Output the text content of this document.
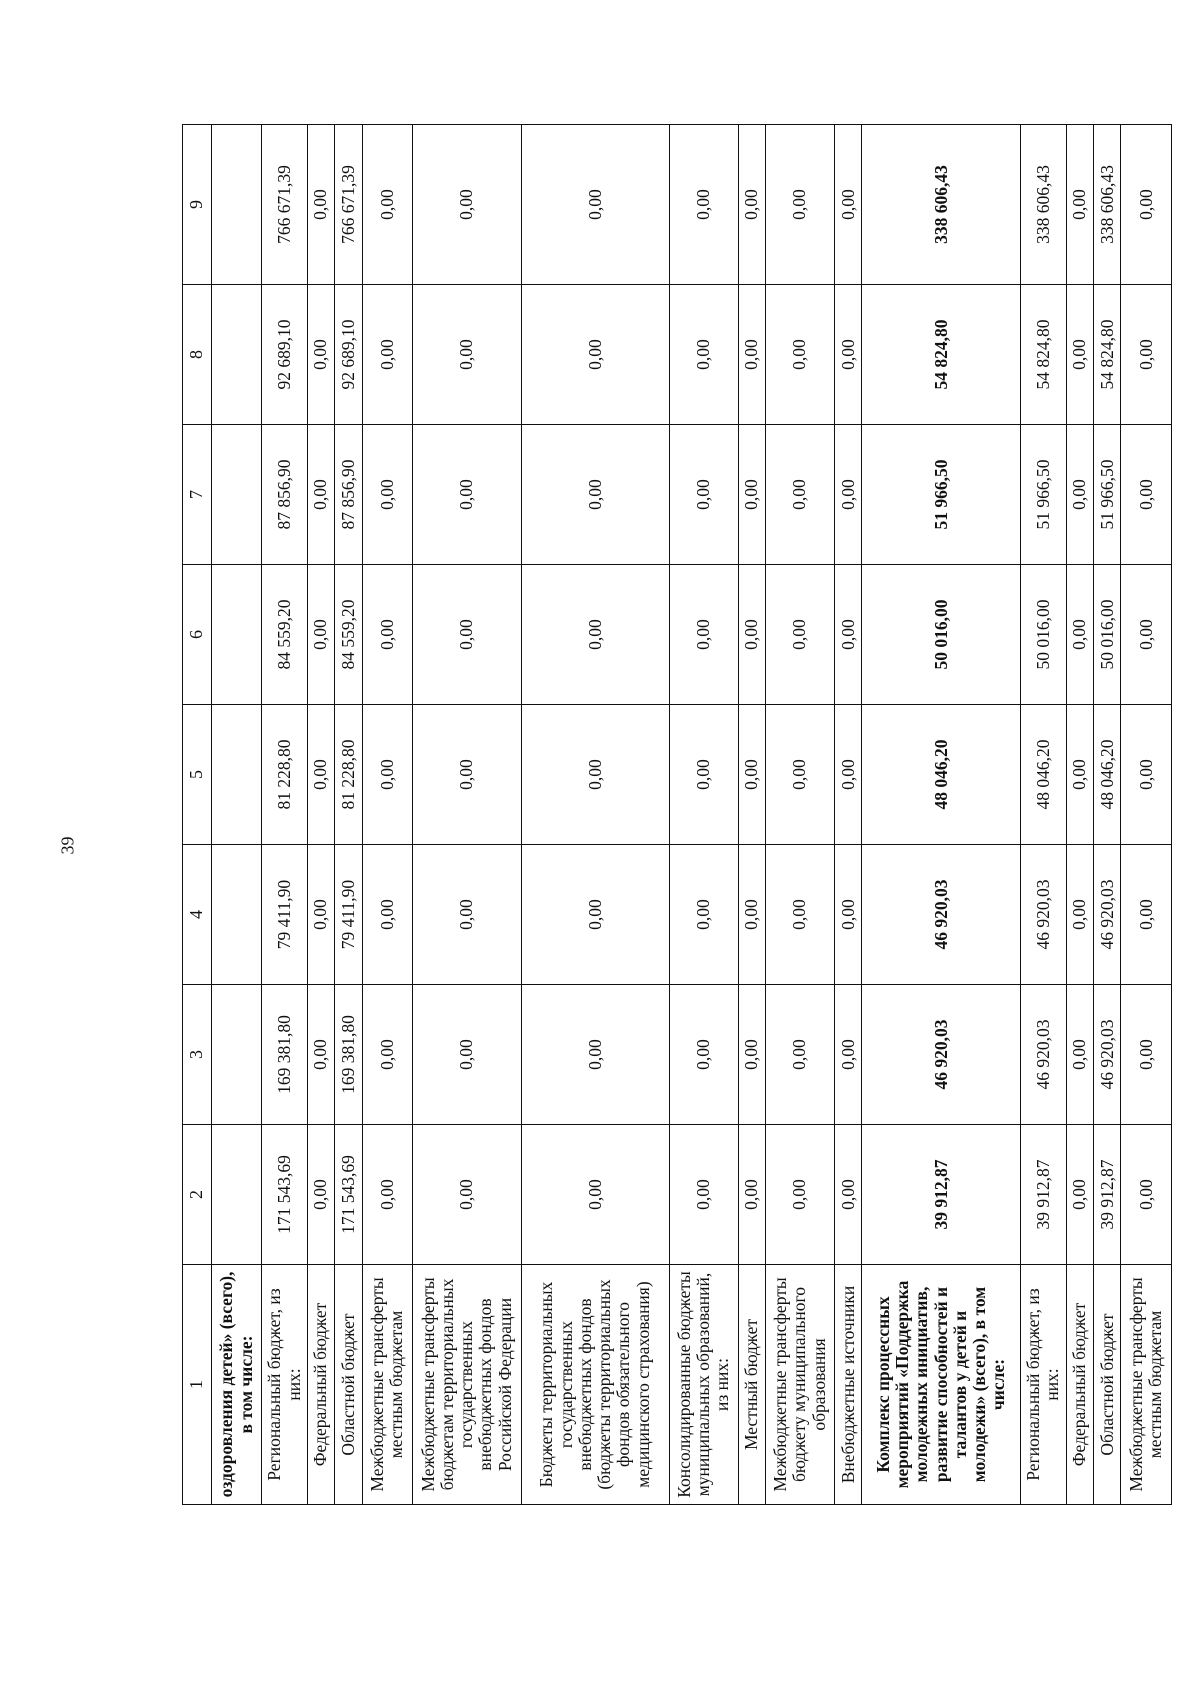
39
1	2	3	4	5	6	7	8	9
оздоровления детей» (всего), в том числе:								
Региональный бюджет, из них:	171 543,69	169 381,80	79 411,90	81 228,80	84 559,20	87 856,90	92 689,10	766 671,39
Федеральный бюджет	0,00	0,00	0,00	0,00	0,00	0,00	0,00	0,00
Областной бюджет	171 543,69	169 381,80	79 411,90	81 228,80	84 559,20	87 856,90	92 689,10	766 671,39
Межбюджетные трансферты местным бюджетам	0,00	0,00	0,00	0,00	0,00	0,00	0,00	0,00
Межбюджетные трансферты бюджетам территориальных государственных внебюджетных фондов Российской Федерации	0,00	0,00	0,00	0,00	0,00	0,00	0,00	0,00
Бюджеты территориальных государственных внебюджетных фондов (бюджеты территориальных фондов обязательного медицинского страхования)	0,00	0,00	0,00	0,00	0,00	0,00	0,00	0,00
Консолидированные бюджеты муниципальных образований, из них:	0,00	0,00	0,00	0,00	0,00	0,00	0,00	0,00
Местный бюджет	0,00	0,00	0,00	0,00	0,00	0,00	0,00	0,00
Межбюджетные трансферты бюджету муниципального образования	0,00	0,00	0,00	0,00	0,00	0,00	0,00	0,00
Внебюджетные источники	0,00	0,00	0,00	0,00	0,00	0,00	0,00	0,00
Комплекс процессных мероприятий «Поддержка молодежных инициатив, развитие способностей и талантов у детей и молодежи» (всего), в том числе:	39 912,87	46 920,03	46 920,03	48 046,20	50 016,00	51 966,50	54 824,80	338 606,43
Региональный бюджет, из них:	39 912,87	46 920,03	46 920,03	48 046,20	50 016,00	51 966,50	54 824,80	338 606,43
Федеральный бюджет	0,00	0,00	0,00	0,00	0,00	0,00	0,00	0,00
Областной бюджет	39 912,87	46 920,03	46 920,03	48 046,20	50 016,00	51 966,50	54 824,80	338 606,43
Межбюджетные трансферты местным бюджетам	0,00	0,00	0,00	0,00	0,00	0,00	0,00	0,00
